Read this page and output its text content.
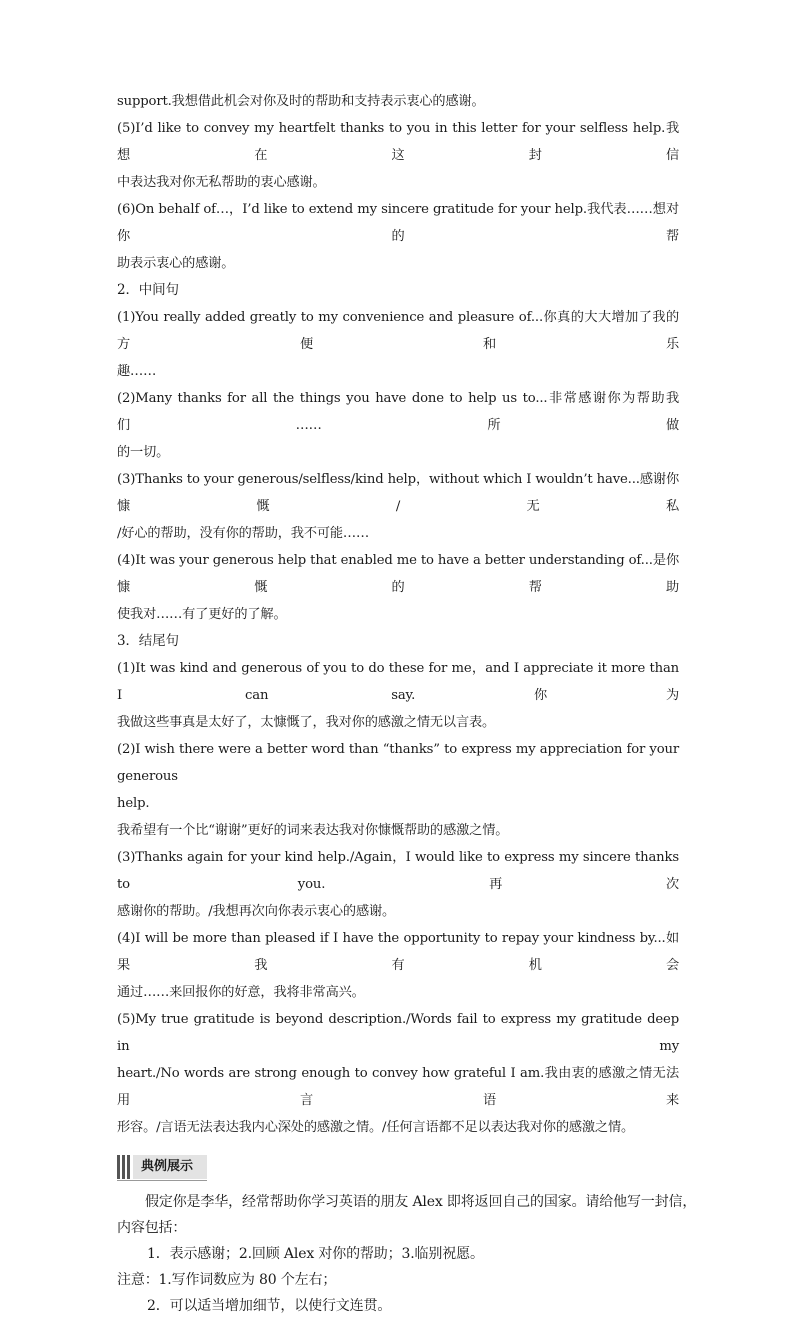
support.我想借此机会对你及时的帮助和支持表示衷心的感谢。
(5)I’d like to convey my heartfelt thanks to you in this letter for your selfless help.我想在这封信
中表达我对你无私帮助的衷心感谢。
(6)On behalf of…，I’d like to extend my sincere gratitude for your help.我代表……想对你的帮
助表示衷心的感谢。
2．中间句
(1)You really added greatly to my convenience and pleasure of...你真的大大增加了我的方便和乐
趣……
(2)Many thanks for all the things you have done to help us to...非常感谢你为帮助我们……所做
的一切。
(3)Thanks to your generous/selfless/kind help，without which I wouldn’t have...感谢你慷慨/无私
/好心的帮助，没有你的帮助，我不可能……
(4)It was your generous help that enabled me to have a better understanding of...是你慷慨的帮助
使我对……有了更好的了解。
3．结尾句
(1)It was kind and generous of you to do these for me，and I appreciate it more than I can say.你为
我做这些事真是太好了，太慷慨了，我对你的感激之情无以言表。
(2)I wish there were a better word than “thanks” to express my appreciation for your generous
help.
我希望有一个比“谢谢”更好的词来表达我对你慷慨帮助的感激之情。
(3)Thanks again for your kind help./Again，I would like to express my sincere thanks to you.再次
感谢你的帮助。/我想再次向你表示衷心的感谢。
(4)I will be more than pleased if I have the opportunity to repay your kindness by...如果我有机会
通过……来回报你的好意，我将非常高兴。
(5)My true gratitude is beyond description./Words fail to express my gratitude deep in my
heart./No words are strong enough to convey how grateful I am.我由衷的感激之情无法用言语来
形容。/言语无法表达我内心深处的感激之情。/任何言语都不足以表达我对你的感激之情。
典例展示
假定你是李华，经常帮助你学习英语的朋友 Alex 即将返回自己的国家。请给他写一封信，
内容包括：
1．表示感谢；2.回顾 Alex 对你的帮助；3.临别祝愿。
注意：1.写作词数应为 80 个左右；
2．可以适当增加细节，以使行文连贯。
